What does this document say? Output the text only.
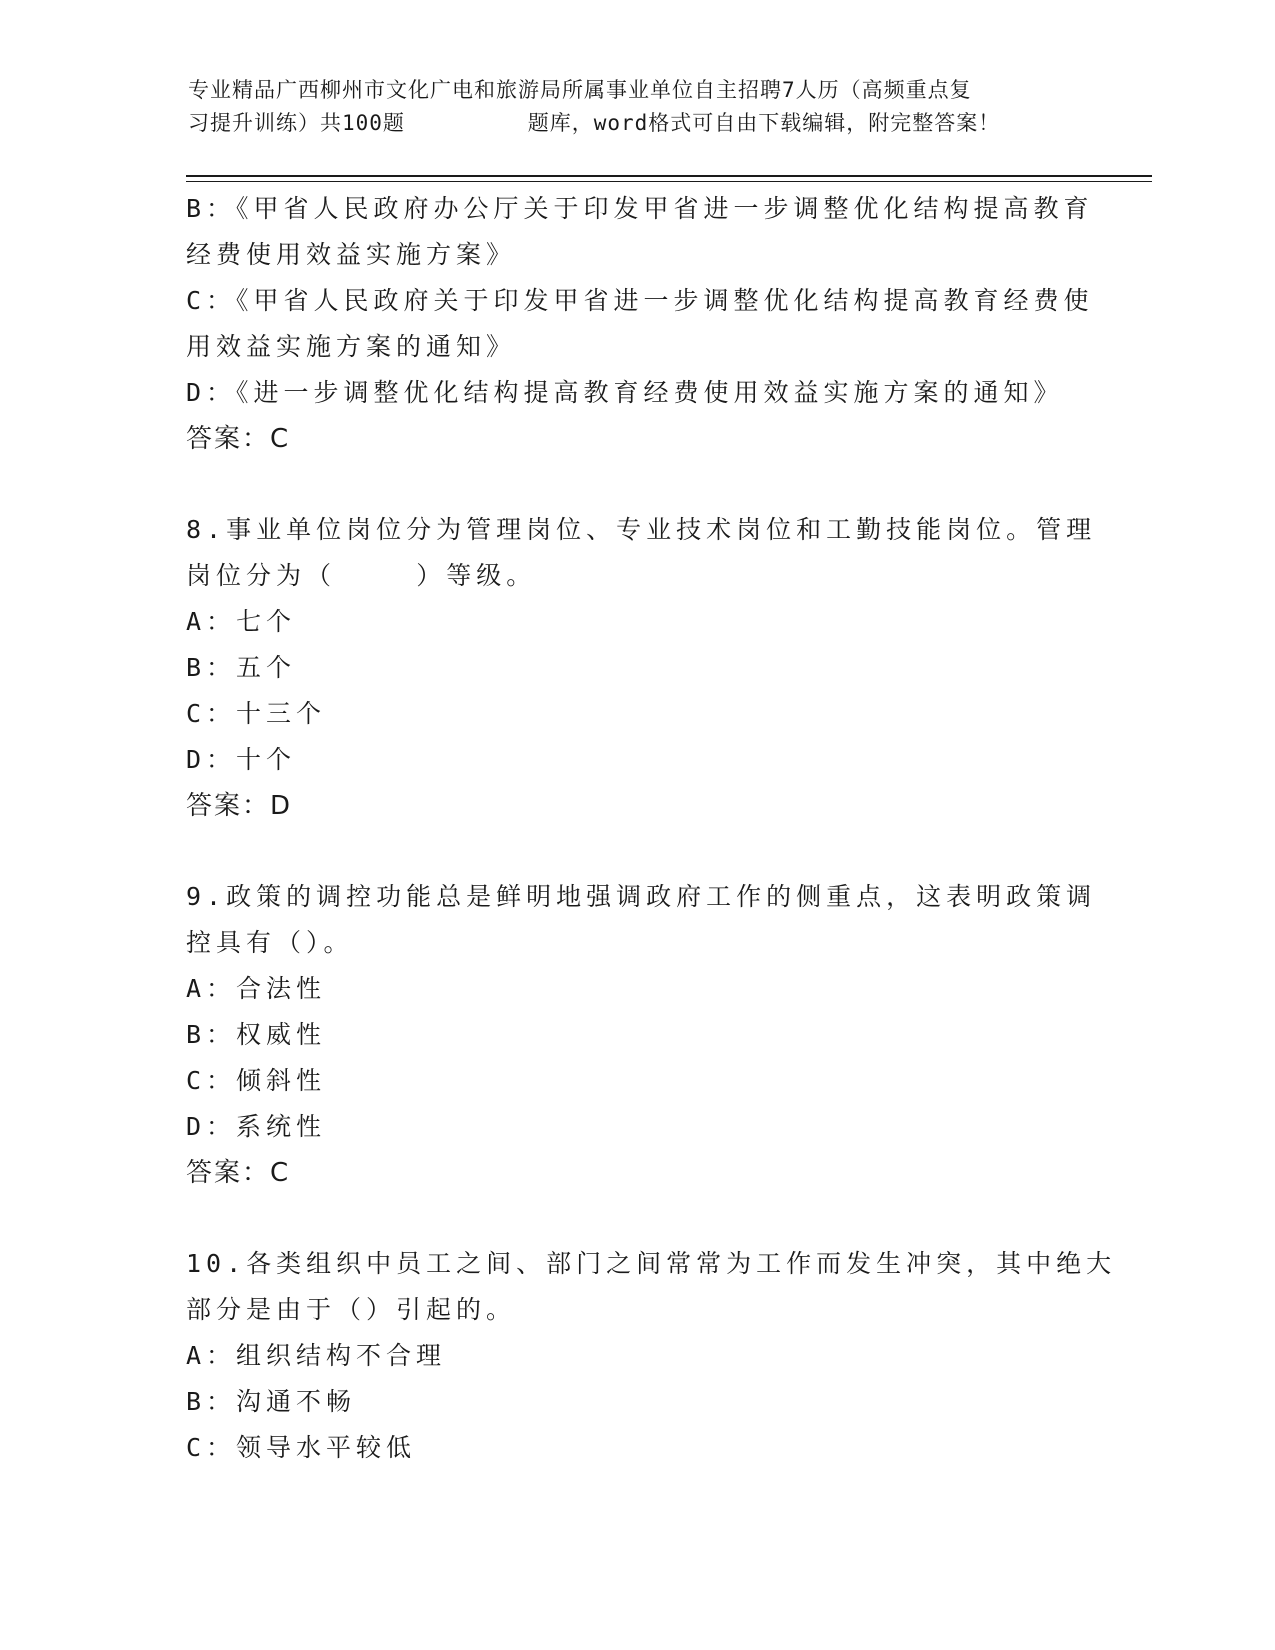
专业精品广西柳州市文化广电和旅游局所属事业单位自主招聘7人历（高频重点复
习提升训练）共100题         题库，word格式可自由下载编辑，附完整答案！
B：《甲省人民政府办公厅关于印发甲省进一步调整优化结构提高教育
经费使用效益实施方案》
C：《甲省人民政府关于印发甲省进一步调整优化结构提高教育经费使
用效益实施方案的通知》
D：《进一步调整优化结构提高教育经费使用效益实施方案的通知》
答案：C
8.事业单位岗位分为管理岗位、专业技术岗位和工勤技能岗位。管理
岗位分为（    ）等级。
A：七个
B：五个
C：十三个
D：十个
答案：D
9.政策的调控功能总是鲜明地强调政府工作的侧重点，这表明政策调
控具有（）。
A：合法性
B：权威性
C：倾斜性
D：系统性
答案：C
10.各类组织中员工之间、部门之间常常为工作而发生冲突，其中绝大
部分是由于（）引起的。
A：组织结构不合理
B：沟通不畅
C：领导水平较低
